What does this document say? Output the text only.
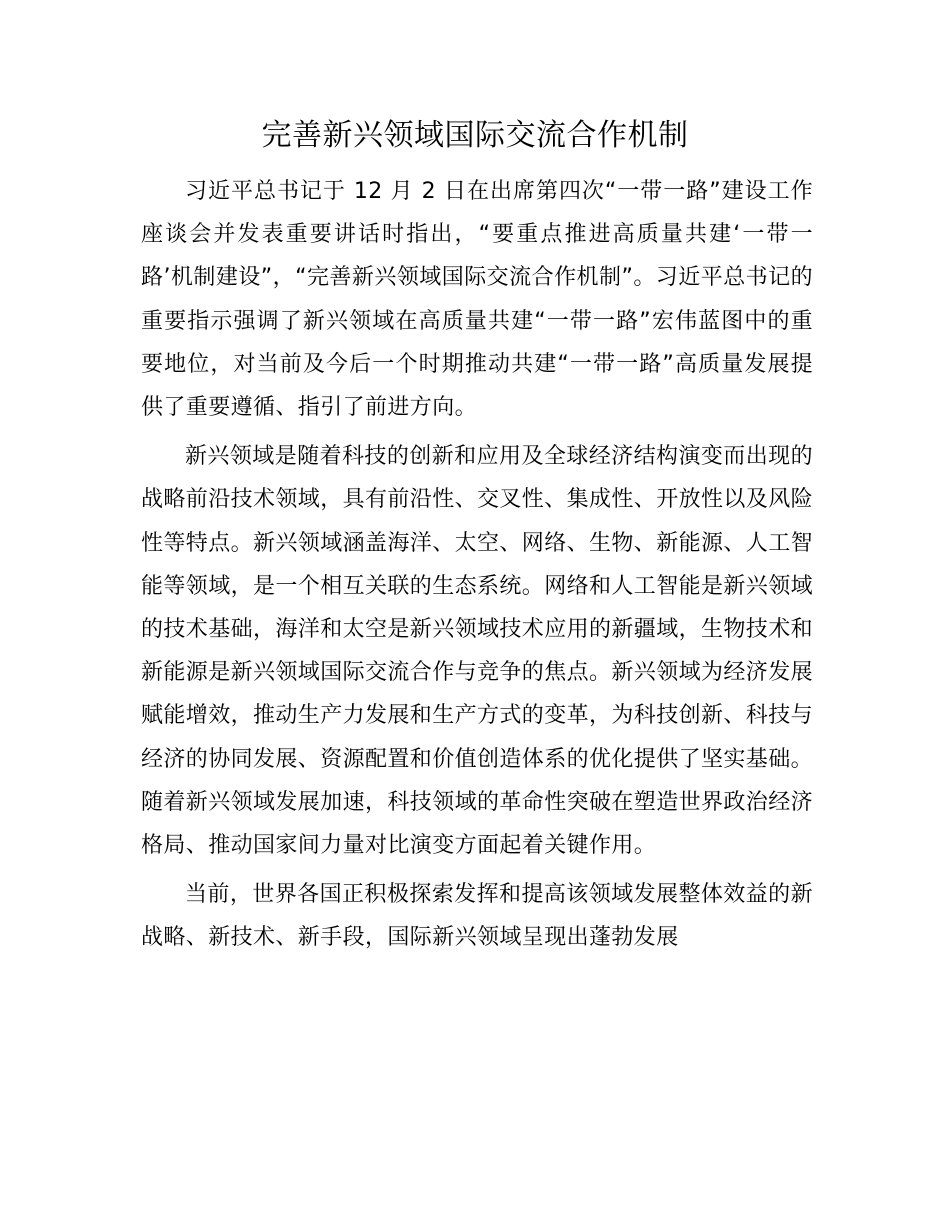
完善新兴领域国际交流合作机制

习近平总书记于 12 月 2 日在出席第四次“一带一路”建设工作座谈会并发表重要讲话时指出，“要重点推进高质量共建‘一带一路’机制建设”，“完善新兴领域国际交流合作机制”。习近平总书记的重要指示强调了新兴领域在高质量共建“一带一路”宏伟蓝图中的重要地位，对当前及今后一个时期推动共建“一带一路”高质量发展提供了重要遵循、指引了前进方向。

新兴领域是随着科技的创新和应用及全球经济结构演变而出现的战略前沿技术领域，具有前沿性、交叉性、集成性、开放性以及风险性等特点。新兴领域涵盖海洋、太空、网络、生物、新能源、人工智能等领域，是一个相互关联的生态系统。网络和人工智能是新兴领域的技术基础，海洋和太空是新兴领域技术应用的新疆域，生物技术和新能源是新兴领域国际交流合作与竞争的焦点。新兴领域为经济发展赋能增效，推动生产力发展和生产方式的变革，为科技创新、科技与经济的协同发展、资源配置和价值创造体系的优化提供了坚实基础。随着新兴领域发展加速，科技领域的革命性突破在塑造世界政治经济格局、推动国家间力量对比演变方面起着关键作用。

当前，世界各国正积极探索发挥和提高该领域发展整体效益的新战略、新技术、新手段，国际新兴领域呈现出蓬勃发展
